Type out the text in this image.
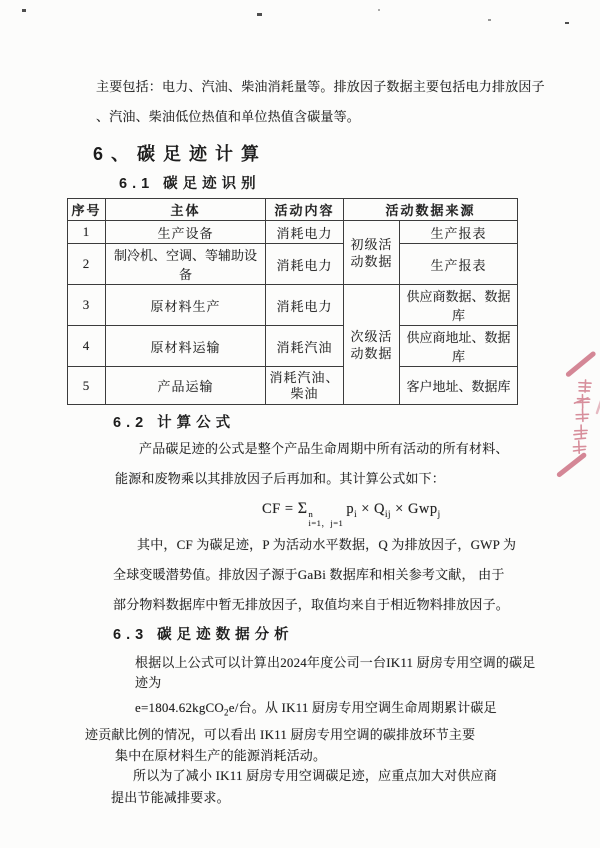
主要包括：电力、汽油、柴油消耗量等。排放因子数据主要包括电力排放因子
、汽油、柴油低位热值和单位热值含碳量等。
6、碳足迹计算
6.1 碳足迹识别
序号	主体	活动内容	活动数据来源	
1	生产设备	消耗电力	初级活动数据	生产报表
2	制冷机、空调、等辅助设备	消耗电力		生产报表
3	原材料生产	消耗电力	次级活动数据	供应商数据、数据库
4	原材料运输	消耗汽油		供应商地址、数据库
5	产品运输	消耗汽油、柴油		客户地址、数据库
6.2 计算公式
产品碳足迹的公式是整个产品生命周期中所有活动的所有材料、
能源和废物乘以其排放因子后再加和。其计算公式如下：
CF = Σ n
i=1，j=1
$p_i \times Q_{ij} \times Gwp_j$
其中，CF 为碳足迹，P 为活动水平数据，Q 为排放因子，GWP 为
全球变暖潜势值。排放因子源于GaBi 数据库和相关参考文献， 由于
部分物料数据库中暂无排放因子，取值均来自于相近物料排放因子。
6.3 碳足迹数据分析
根据以上公式可以计算出2024年度公司一台IK11 厨房专用空调的碳足
迹为
e=1804.62kgCO$_2$e/台。从 IK11 厨房专用空调生命周期累计碳足
迹贡献比例的情况，可以看出 IK11 厨房专用空调的碳排放环节主要
集中在原材料生产的能源消耗活动。
所以为了减小 IK11 厨房专用空调碳足迹，应重点加大对供应商
提出节能减排要求。
